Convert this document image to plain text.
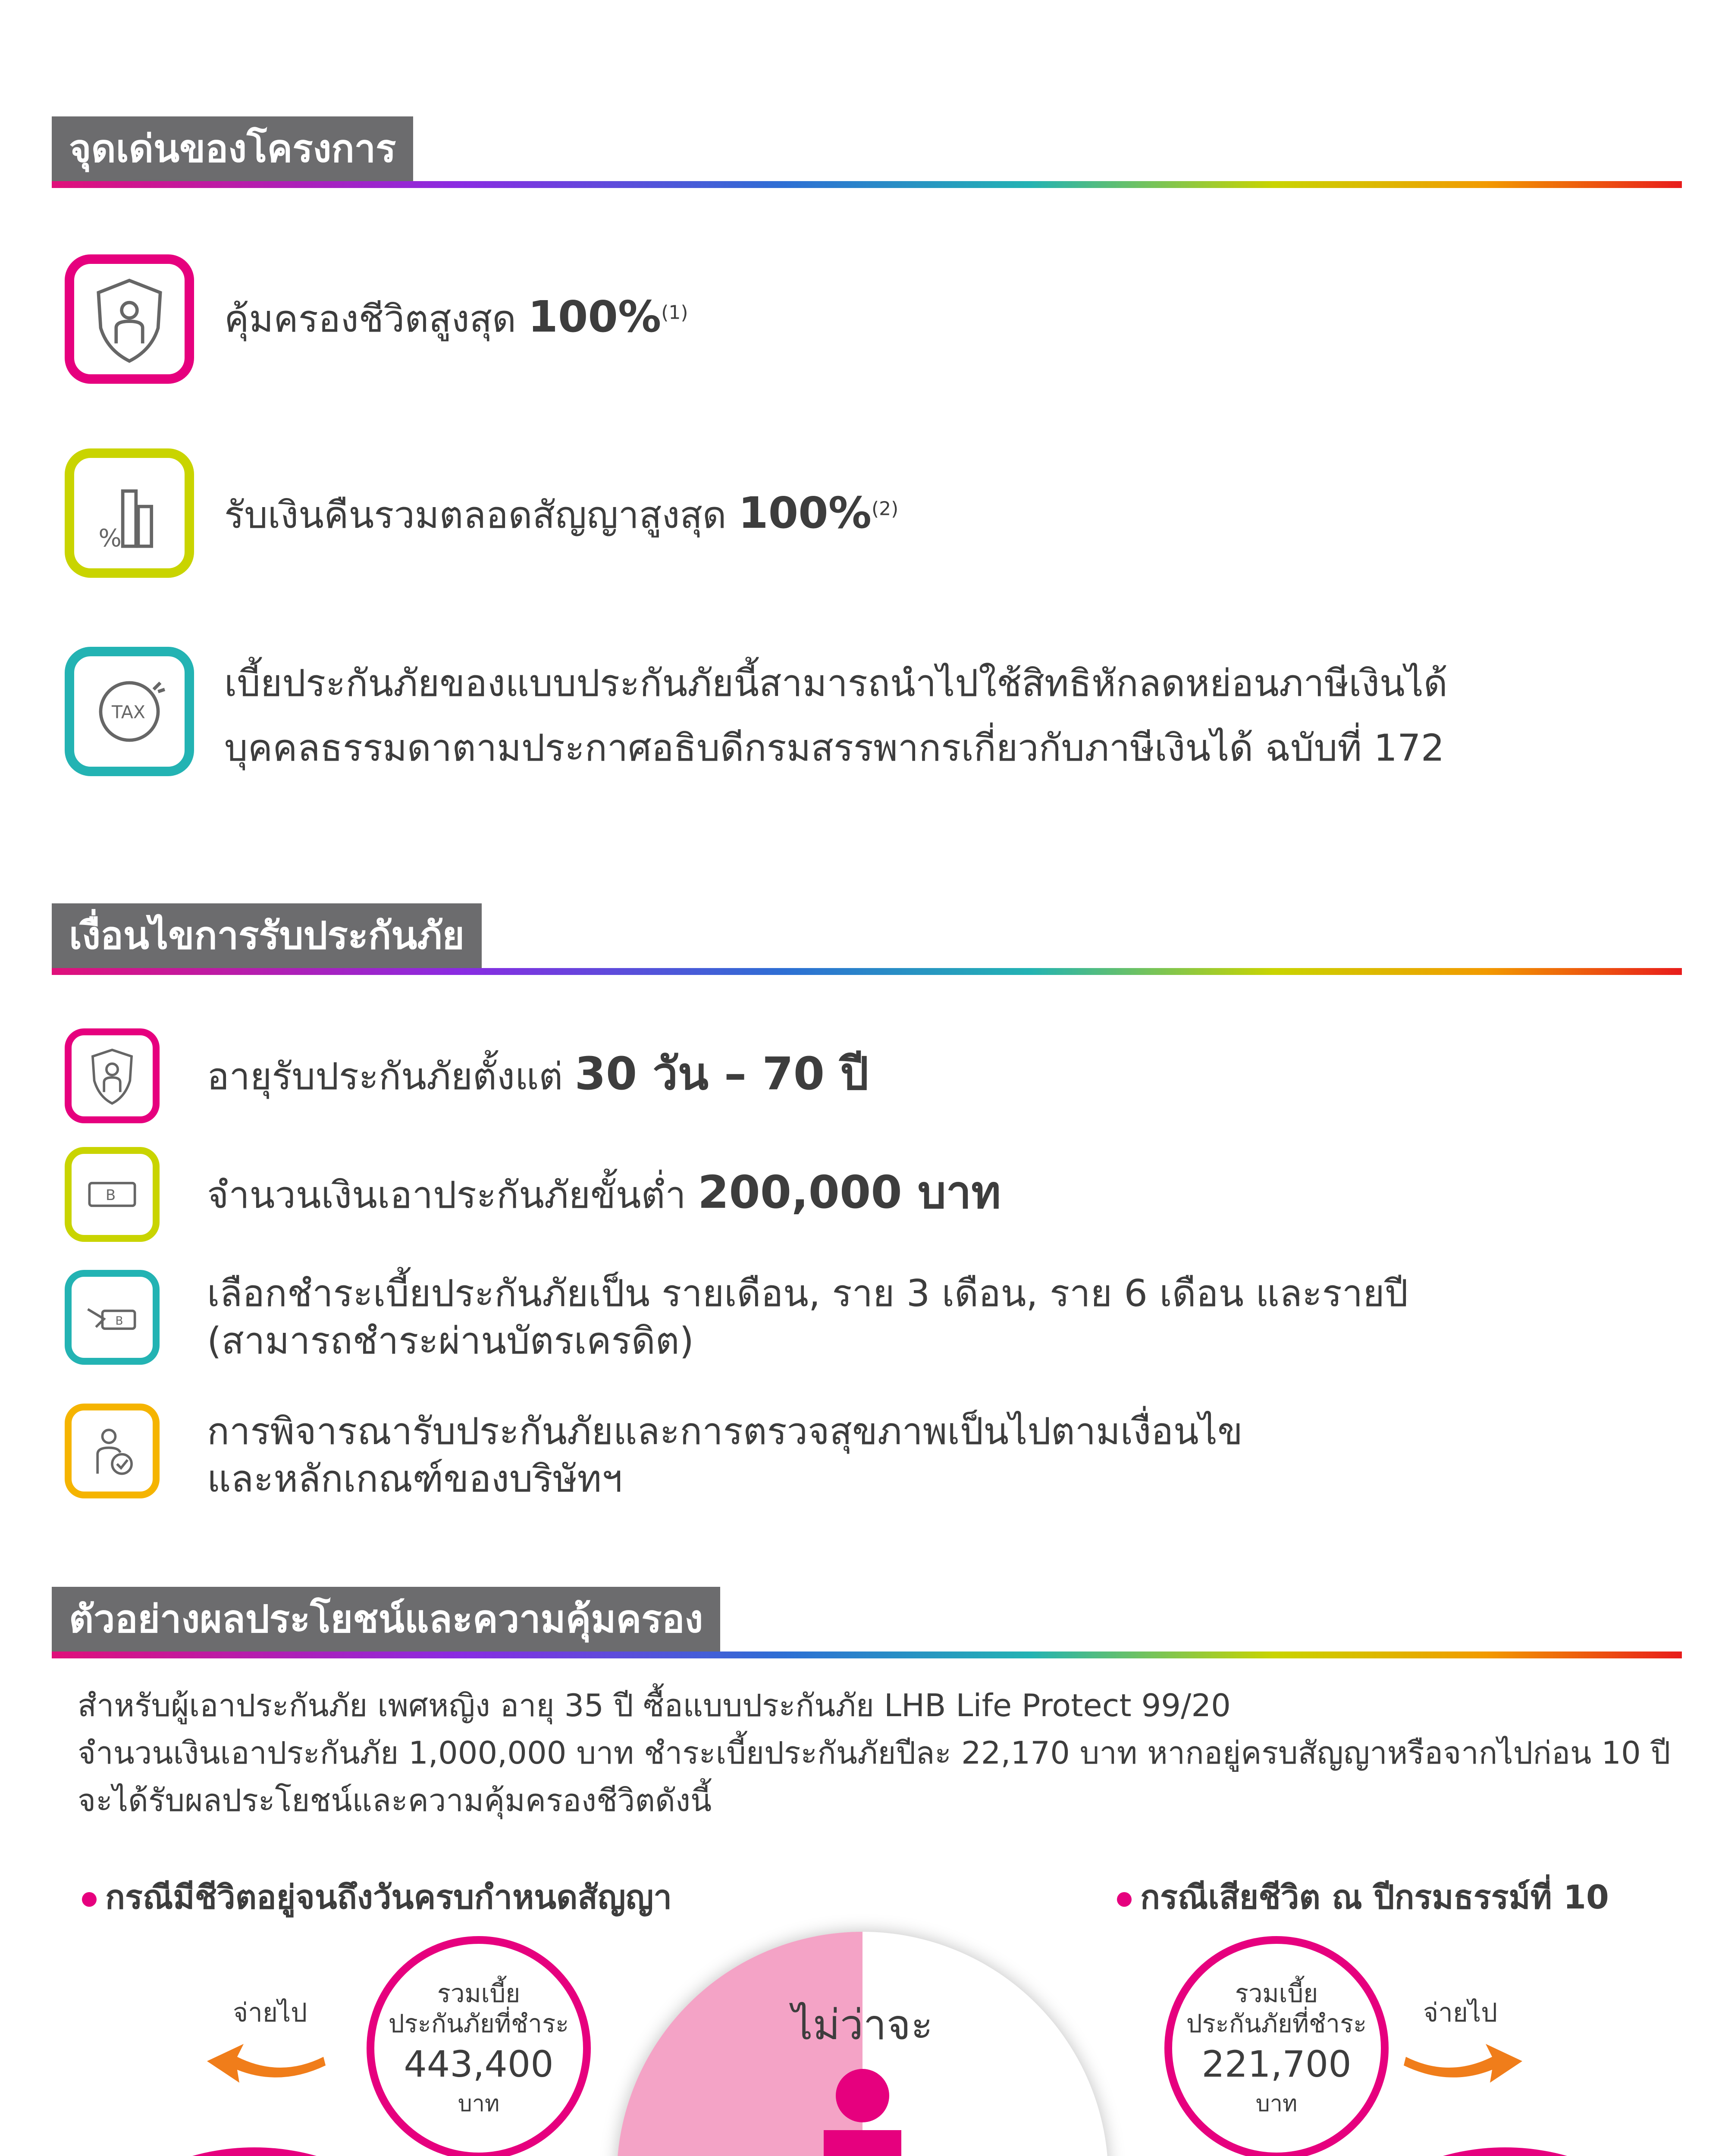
จุดเด่นของโครงการ
คุ้มครองชีวิตสูงสุด 100%$^{(1)}$
%
รับเงินคืนรวมตลอดสัญญาสูงสุด 100%$^{(2)}$
TAX
เบี้ยประกันภัยของแบบประกันภัยนี้สามารถนำไปใช้สิทธิหักลดหย่อนภาษีเงินได้
บุคคลธรรมดาตามประกาศอธิบดีกรมสรรพากรเกี่ยวกับภาษีเงินได้ ฉบับที่ 172
เงื่อนไขการรับประกันภัย
อายุรับประกันภัยตั้งแต่ 30 วัน – 70 ปี
B จำนวนเงินเอาประกันภัยขั้นต่ำ 200,000 บาท
B
เลือกชำระเบี้ยประกันภัยเป็น รายเดือน, ราย 3 เดือน, ราย 6 เดือน และรายปี
(สามารถชำระผ่านบัตรเครดิต)
การพิจารณารับประกันภัยและการตรวจสุขภาพเป็นไปตามเงื่อนไข
และหลักเกณฑ์ของบริษัทฯ
ตัวอย่างผลประโยชน์และความคุ้มครอง
สำหรับผู้เอาประกันภัย เพศหญิง อายุ 35 ปี ซื้อแบบประกันภัย LHB Life Protect 99/20
จำนวนเงินเอาประกันภัย 1,000,000 บาท ชำระเบี้ยประกันภัยปีละ 22,170 บาท หากอยู่ครบสัญญาหรือจากไปก่อน 10 ปี
จะได้รับผลประโยชน์และความคุ้มครองชีวิตดังนี้
กรณีมีชีวิตอยู่จนถึงวันครบกำหนดสัญญา	กรณีเสียชีวิต ณ ปีกรมธรรม์ที่ 10
จ่ายไป
รวมเบี้ย
ประกันภัยที่ชำระ
443,400
บาท

จ่ายไป
รวมเบี้ย
ประกันภัยที่ชำระ
221,700
บาท

ไม่ว่าจะ
